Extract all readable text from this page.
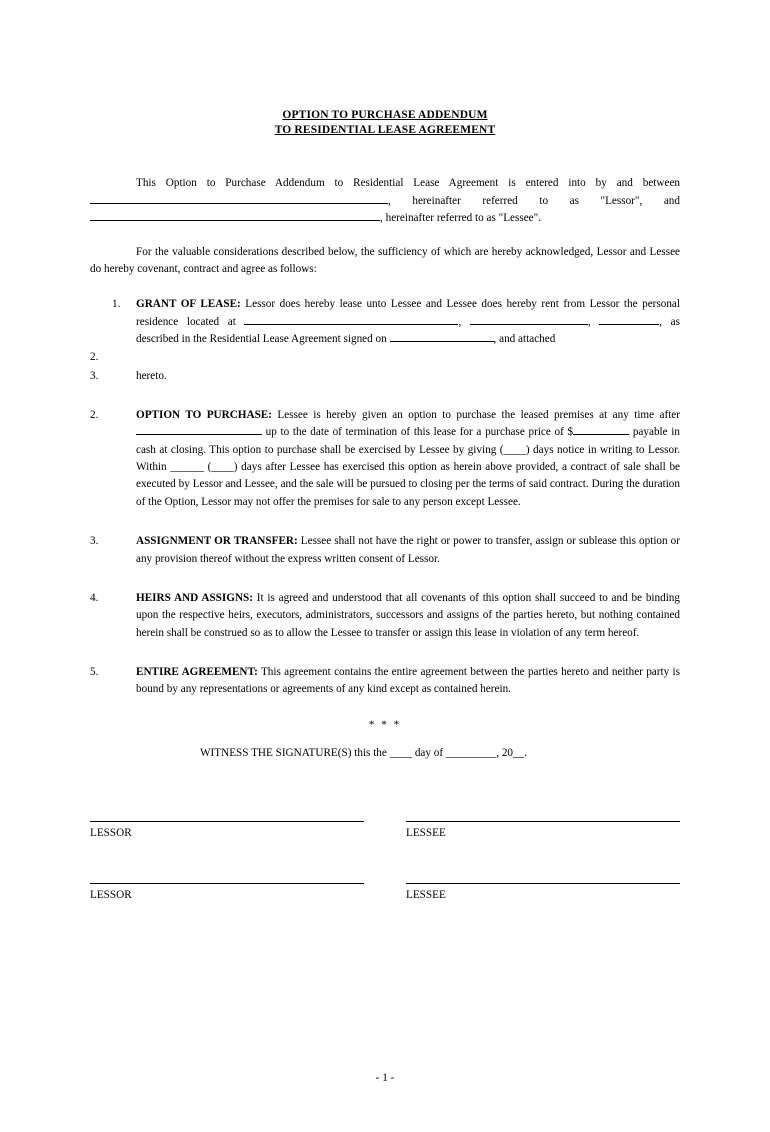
OPTION TO PURCHASE ADDENDUM
TO RESIDENTIAL LEASE AGREEMENT
This Option to Purchase Addendum to Residential Lease Agreement is entered into by and between , hereinafter referred to as "Lessor", and , hereinafter referred to as "Lessee".
For the valuable considerations described below, the sufficiency of which are hereby acknowledged, Lessor and Lessee do hereby covenant, contract and agree as follows:
1.	GRANT OF LEASE: Lessor does hereby lease unto Lessee and Lessee does hereby rent from Lessor the personal residence located at	,	,	, as described in the Residential Lease Agreement signed on	, and attached
2.
3.	hereto.
2.	OPTION TO PURCHASE: Lessee is hereby given an option to purchase the leased premises at any time after  up to the date of termination of this lease for a purchase price of $	payable in cash at closing. This option to purchase shall be exercised by Lessee by giving (____) days notice in writing to Lessor. Within ______ (____) days after Lessee has exercised this option as herein above provided, a contract of sale shall be executed by Lessor and Lessee, and the sale will be pursued to closing per the terms of said contract. During the duration of the Option, Lessor may not offer the premises for sale to any person except Lessee.
3.	ASSIGNMENT OR TRANSFER: Lessee shall not have the right or power to transfer, assign or sublease this option or any provision thereof without the express written consent of Lessor.
4.	HEIRS AND ASSIGNS: It is agreed and understood that all covenants of this option shall succeed to and be binding upon the respective heirs, executors, administrators, successors and assigns of the parties hereto, but nothing contained herein shall be construed so as to allow the Lessee to transfer or assign this lease in violation of any term hereof.
5.	ENTIRE AGREEMENT: This agreement contains the entire agreement between the parties hereto and neither party is bound by any representations or agreements of any kind except as contained herein.
* * *
WITNESS THE SIGNATURE(S) this the ____ day of _________, 20__.
LESSOR	LESSEE
LESSOR	LESSEE
- 1 -
